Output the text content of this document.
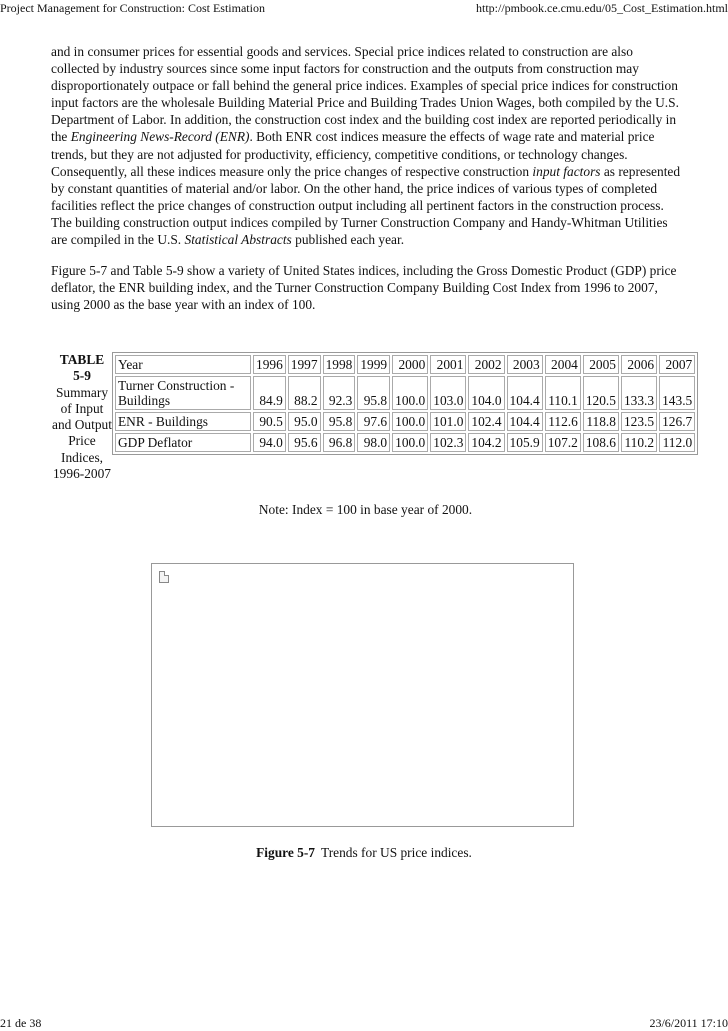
Project Management for Construction: Cost Estimation	http://pmbook.ce.cmu.edu/05_Cost_Estimation.html

and in consumer prices for essential goods and services. Special price indices related to construction are also collected by industry sources since some input factors for construction and the outputs from construction may disproportionately outpace or fall behind the general price indices. Examples of special price indices for construction input factors are the wholesale Building Material Price and Building Trades Union Wages, both compiled by the U.S. Department of Labor. In addition, the construction cost index and the building cost index are reported periodically in the Engineering News-Record (ENR). Both ENR cost indices measure the effects of wage rate and material price trends, but they are not adjusted for productivity, efficiency, competitive conditions, or technology changes. Consequently, all these indices measure only the price changes of respective construction input factors as represented by constant quantities of material and/or labor. On the other hand, the price indices of various types of completed facilities reflect the price changes of construction output including all pertinent factors in the construction process. The building construction output indices compiled by Turner Construction Company and Handy-Whitman Utilities are compiled in the U.S. Statistical Abstracts published each year.

Figure 5-7 and Table 5-9 show a variety of United States indices, including the Gross Domestic Product (GDP) price deflator, the ENR building index, and the Turner Construction Company Building Cost Index from 1996 to 2007, using 2000 as the base year with an index of 100.

TABLE
5-9
Summary of Input and Output Price Indices, 1996-2007
Year	1996	1997	1998	1999	2000	2001	2002	2003	2004	2005	2006	2007
Turner Construction - Buildings	84.9	88.2	92.3	95.8	100.0	103.0	104.0	104.4	110.1	120.5	133.3	143.5
ENR - Buildings	90.5	95.0	95.8	97.6	100.0	101.0	102.4	104.4	112.6	118.8	123.5	126.7
GDP Deflator	94.0	95.6	96.8	98.0	100.0	102.3	104.2	105.9	107.2	108.6	110.2	112.0
Note: Index = 100 in base year of 2000.
Figure 5-7 Trends for US price indices.
21 de 38	23/6/2011 17:10
